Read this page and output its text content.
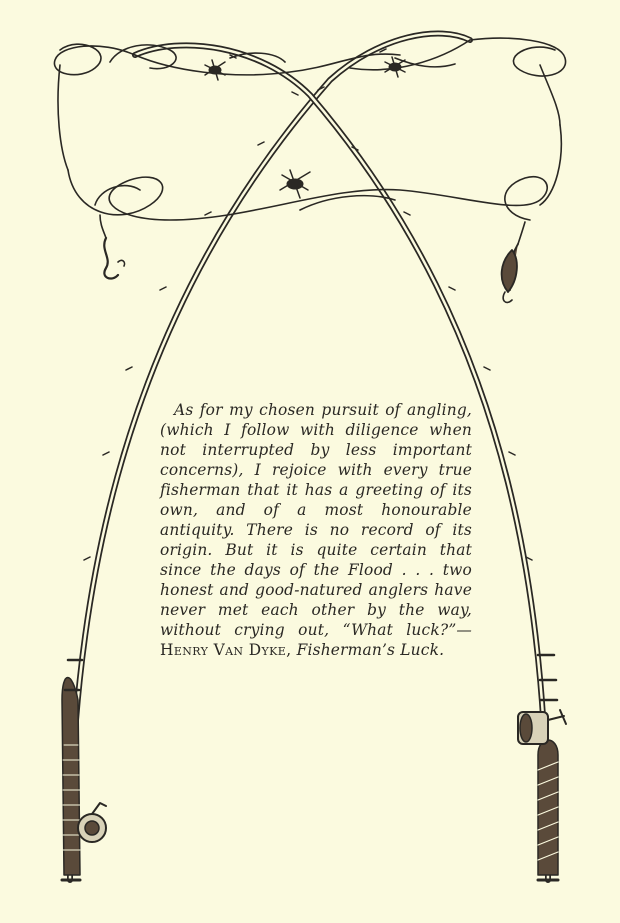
As for my chosen pursuit of angling, (which I follow with diligence when not interrupted by less important concerns), I rejoice with every true fisherman that it has a greeting of its own, and of a most honourable antiquity. There is no record of its origin. But it is quite certain that since the days of the Flood . . . two honest and good-natured anglers have never met each other by the way, without crying out, “What luck?”—Henry Van Dyke, Fisherman’s Luck.
